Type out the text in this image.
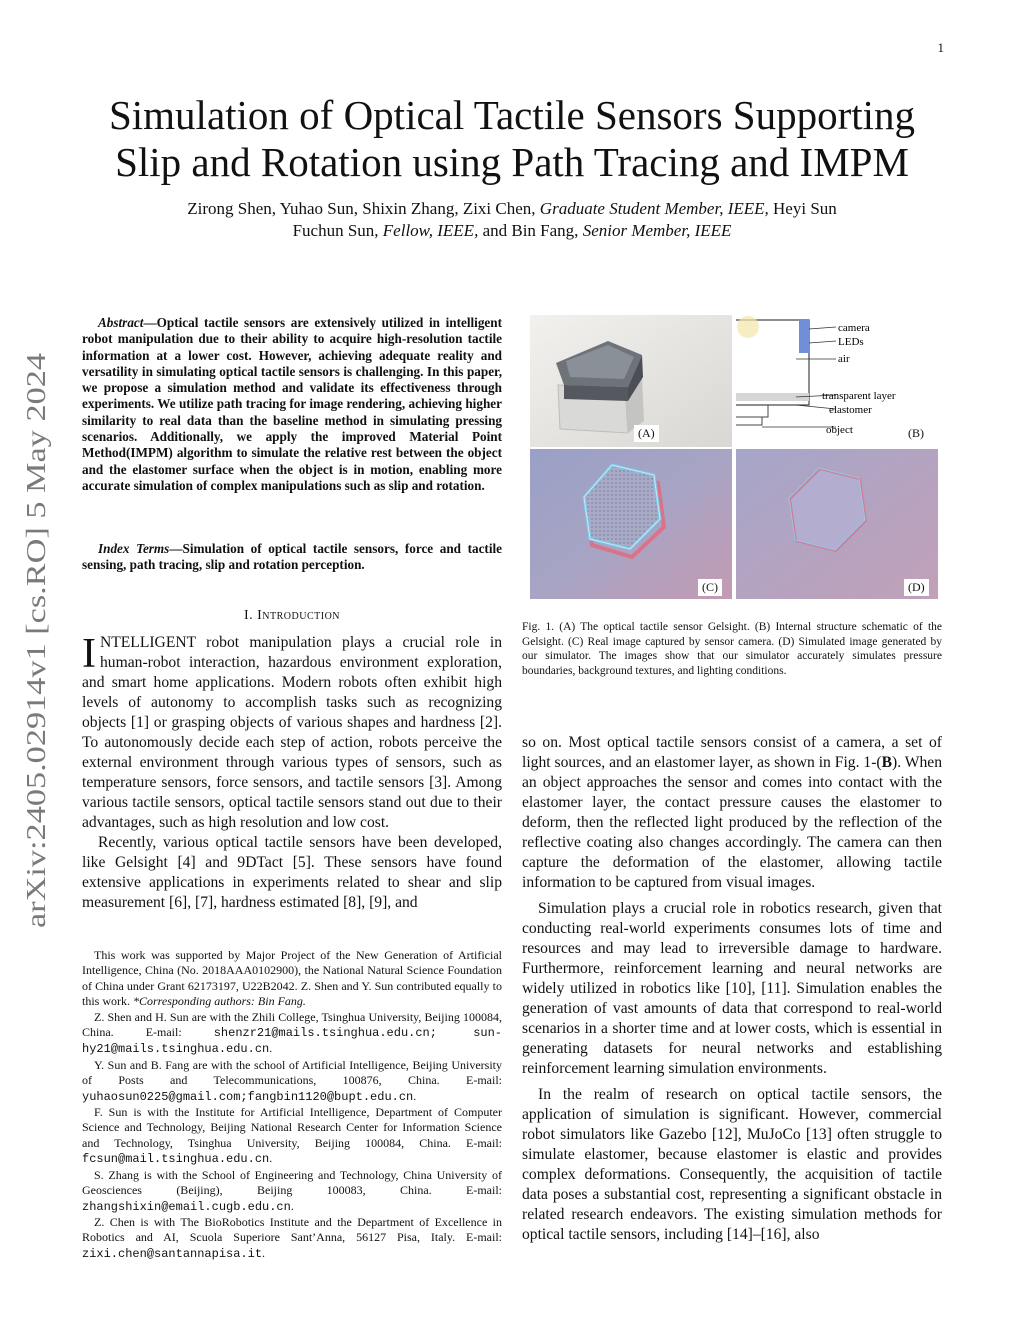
1
arXiv:2405.02914v1 [cs.RO] 5 May 2024
Simulation of Optical Tactile Sensors Supporting
Slip and Rotation using Path Tracing and IMPM
Zirong Shen, Yuhao Sun, Shixin Zhang, Zixi Chen, Graduate Student Member, IEEE, Heyi Sun
Fuchun Sun, Fellow, IEEE, and Bin Fang, Senior Member, IEEE

Abstract—Optical tactile sensors are extensively utilized in intelligent robot manipulation due to their ability to acquire high-resolution tactile information at a lower cost. However, achieving adequate reality and versatility in simulating optical tactile sensors is challenging. In this paper, we propose a simulation method and validate its effectiveness through experiments. We utilize path tracing for image rendering, achieving higher similarity to real data than the baseline method in simulating pressing scenarios. Additionally, we apply the improved Material Point Method(IMPM) algorithm to simulate the relative rest between the object and the elastomer surface when the object is in motion, enabling more accurate simulation of complex manipulations such as slip and rotation.

Index Terms—Simulation of optical tactile sensors, force and tactile sensing, path tracing, slip and rotation perception.

I. Introduction

INTELLIGENT robot manipulation plays a crucial role in human-robot interaction, hazardous environment exploration, and smart home applications. Modern robots often exhibit high levels of autonomy to accomplish tasks such as recognizing objects [1] or grasping objects of various shapes and hardness [2]. To autonomously decide each step of action, robots perceive the external environment through various types of sensors, such as temperature sensors, force sensors, and tactile sensors [3]. Among various tactile sensors, optical tactile sensors stand out due to their advantages, such as high resolution and low cost.

Recently, various optical tactile sensors have been developed, like Gelsight [4] and 9DTact [5]. These sensors have found extensive applications in experiments related to shear and slip measurement [6], [7], hardness estimated [8], [9], and

This work was supported by Major Project of the New Generation of Artificial Intelligence, China (No. 2018AAA0102900), the National Natural Science Foundation of China under Grant 62173197, U22B2042. Z. Shen and Y. Sun contributed equally to this work. *Corresponding authors: Bin Fang.

Z. Shen and H. Sun are with the Zhili College, Tsinghua University, Beijing 100084, China. E-mail: shenzr21@mails.tsinghua.edu.cn; sun-hy21@mails.tsinghua.edu.cn.

Y. Sun and B. Fang are with the school of Artificial Intelligence, Beijing University of Posts and Telecommunications, 100876, China. E-mail: yuhaosun0225@gmail.com;fangbin1120@bupt.edu.cn.

F. Sun is with the Institute for Artificial Intelligence, Department of Computer Science and Technology, Beijing National Research Center for Information Science and Technology, Tsinghua University, Beijing 100084, China. E-mail: fcsun@mail.tsinghua.edu.cn.

S. Zhang is with the School of Engineering and Technology, China University of Geosciences (Beijing), Beijing 100083, China. E-mail: zhangshixin@email.cugb.edu.cn.

Z. Chen is with The BioRobotics Institute and the Department of Excellence in Robotics and AI, Scuola Superiore Sant’Anna, 56127 Pisa, Italy. E-mail: zixi.chen@santannapisa.it.

(A)
camera
LEDs
air
transparent layer
elastomer
object	(B)
(C)	(D)
Fig. 1. (A) The optical tactile sensor Gelsight. (B) Internal structure schematic of the Gelsight. (C) Real image captured by sensor camera. (D) Simulated image generated by our simulator. The images show that our simulator accurately simulates pressure boundaries, background textures, and lighting conditions.

so on. Most optical tactile sensors consist of a camera, a set of light sources, and an elastomer layer, as shown in Fig. 1-(B). When an object approaches the sensor and comes into contact with the elastomer layer, the contact pressure causes the elastomer to deform, then the reflected light produced by the reflection of the reflective coating also changes accordingly. The camera can then capture the deformation of the elastomer, allowing tactile information to be captured from visual images.

Simulation plays a crucial role in robotics research, given that conducting real-world experiments consumes lots of time and resources and may lead to irreversible damage to hardware. Furthermore, reinforcement learning and neural networks are widely utilized in robotics like [10], [11]. Simulation enables the generation of vast amounts of data that correspond to real-world scenarios in a shorter time and at lower costs, which is essential in generating datasets for neural networks and establishing reinforcement learning simulation environments.

In the realm of research on optical tactile sensors, the application of simulation is significant. However, commercial robot simulators like Gazebo [12], MuJoCo [13] often struggle to simulate elastomer, because elastomer is elastic and provides complex deformations. Consequently, the acquisition of tactile data poses a substantial cost, representing a significant obstacle in related research endeavors. The existing simulation methods for optical tactile sensors, including [14]–[16], also
